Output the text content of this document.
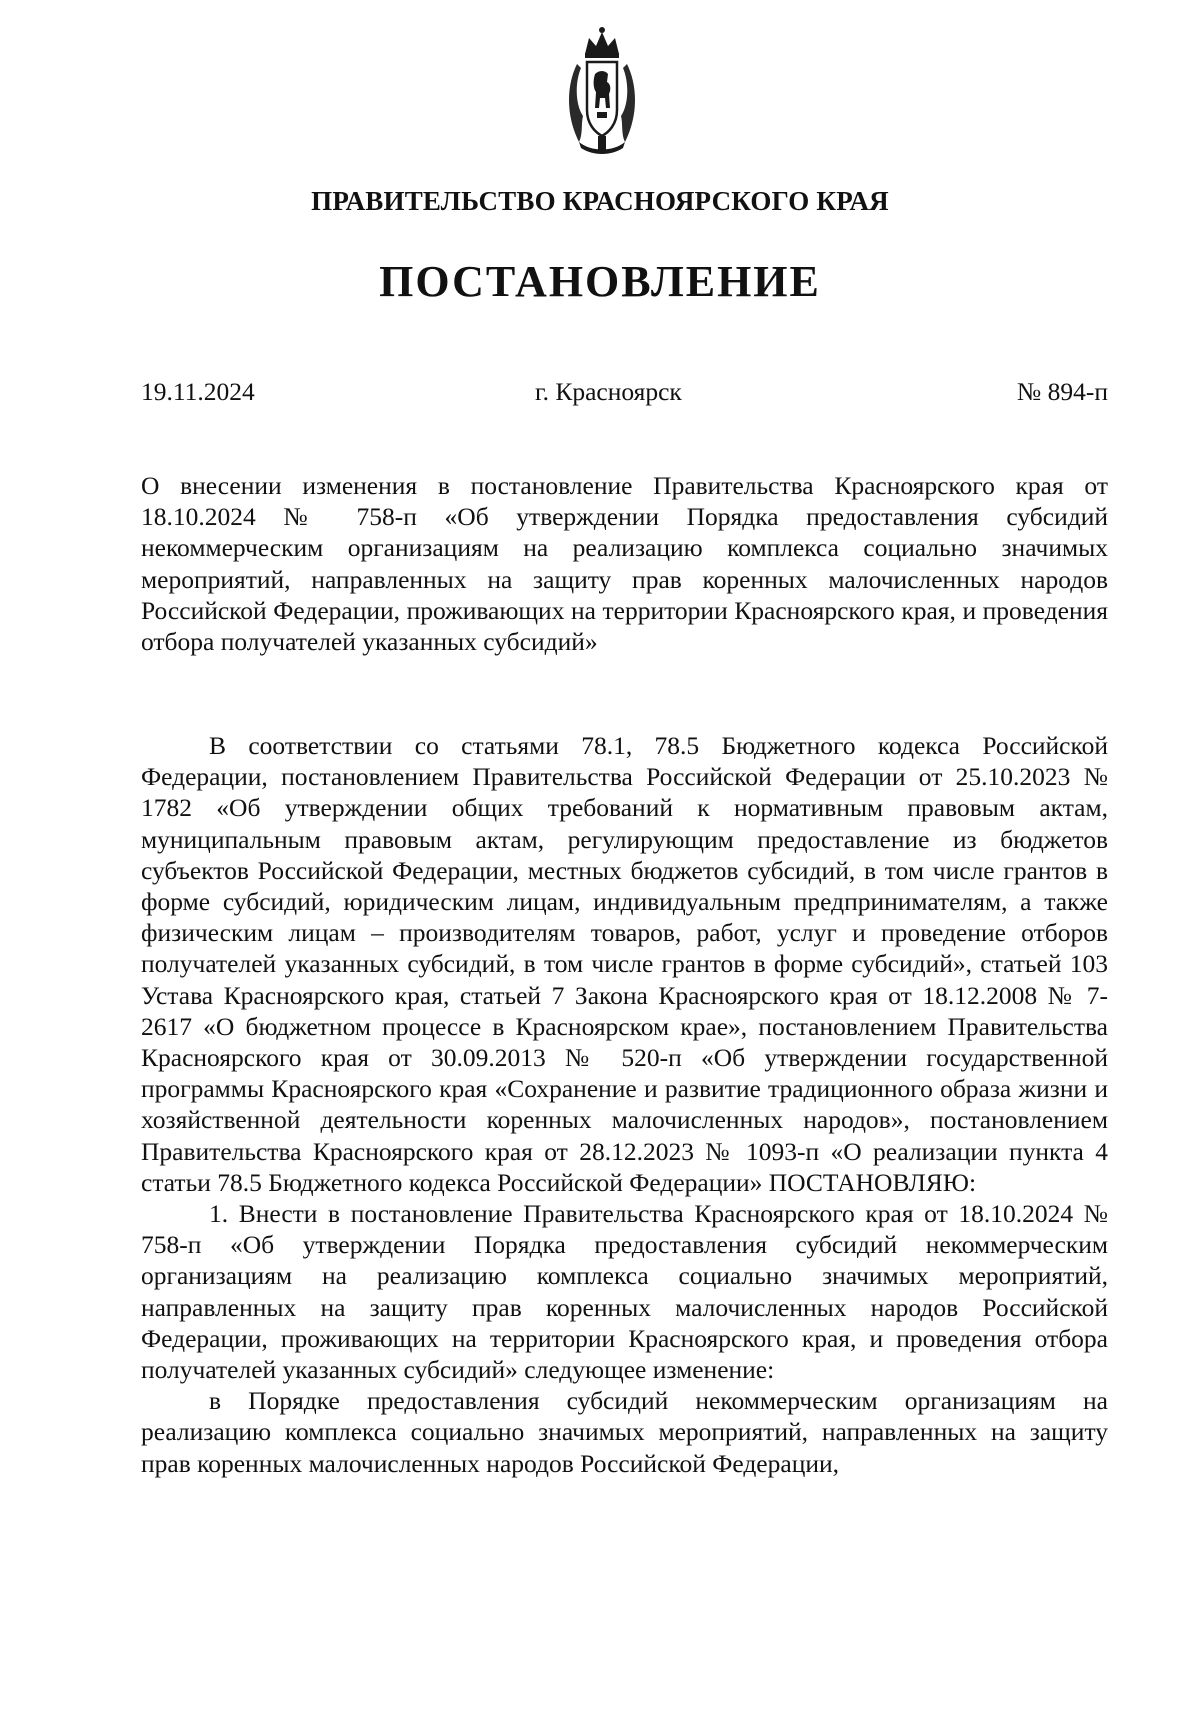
ПРАВИТЕЛЬСТВО КРАСНОЯРСКОГО КРАЯ
ПОСТАНОВЛЕНИЕ
19.11.2024	г. Красноярск	№ 894-п
О внесении изменения в постановление Правительства Красноярского края от 18.10.2024 № 758-п «Об утверждении Порядка предоставления субсидий некоммерческим организациям на реализацию комплекса социально значимых мероприятий, направленных на защиту прав коренных малочисленных народов Российской Федерации, проживающих на территории Красноярского края, и проведения отбора получателей указанных субсидий»

В соответствии со статьями 78.1, 78.5 Бюджетного кодекса Российской Федерации, постановлением Правительства Российской Федерации от 25.10.2023 № 1782 «Об утверждении общих требований к нормативным правовым актам, муниципальным правовым актам, регулирующим предоставление из бюджетов субъектов Российской Федерации, местных бюджетов субсидий, в том числе грантов в форме субсидий, юридическим лицам, индивидуальным предпринимателям, а также физическим лицам – производителям товаров, работ, услуг и проведение отборов получателей указанных субсидий, в том числе грантов в форме субсидий», статьей 103 Устава Красноярского края, статьей 7 Закона Красноярского края от 18.12.2008 № 7-2617 «О бюджетном процессе в Красноярском крае», постановлением Правительства Красноярского края от 30.09.2013 № 520-п «Об утверждении государственной программы Красноярского края «Сохранение и развитие традиционного образа жизни и хозяйственной деятельности коренных малочисленных народов», постановлением Правительства Красноярского края от 28.12.2023 № 1093-п «О реализации пункта 4 статьи 78.5 Бюджетного кодекса Российской Федерации» ПОСТАНОВЛЯЮ:

1. Внести в постановление Правительства Красноярского края от 18.10.2024 № 758-п «Об утверждении Порядка предоставления субсидий некоммерческим организациям на реализацию комплекса социально значимых мероприятий, направленных на защиту прав коренных малочисленных народов Российской Федерации, проживающих на территории Красноярского края, и проведения отбора получателей указанных субсидий» следующее изменение:

в Порядке предоставления субсидий некоммерческим организациям на реализацию комплекса социально значимых мероприятий, направленных на защиту прав коренных малочисленных народов Российской Федерации,
